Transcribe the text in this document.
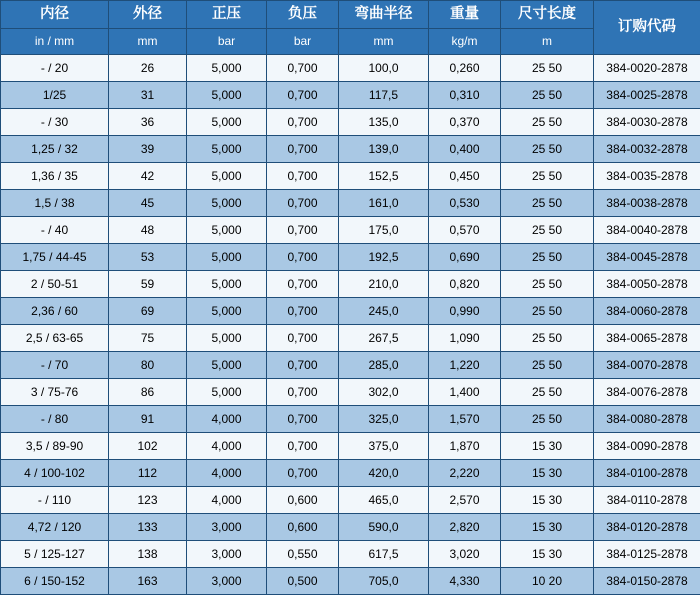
内径	外径	正压	负压	弯曲半径	重量	尺寸长度	订购代码
in / mm	mm	bar	bar	mm	kg/m	m	
- / 20	26	5,000	0,700	100,0	0,260	25 50	384-0020-2878
1/25	31	5,000	0,700	117,5	0,310	25 50	384-0025-2878
- / 30	36	5,000	0,700	135,0	0,370	25 50	384-0030-2878
1,25 / 32	39	5,000	0,700	139,0	0,400	25 50	384-0032-2878
1,36 / 35	42	5,000	0,700	152,5	0,450	25 50	384-0035-2878
1,5 / 38	45	5,000	0,700	161,0	0,530	25 50	384-0038-2878
- / 40	48	5,000	0,700	175,0	0,570	25 50	384-0040-2878
1,75 / 44-45	53	5,000	0,700	192,5	0,690	25 50	384-0045-2878
2 / 50-51	59	5,000	0,700	210,0	0,820	25 50	384-0050-2878
2,36 / 60	69	5,000	0,700	245,0	0,990	25 50	384-0060-2878
2,5 / 63-65	75	5,000	0,700	267,5	1,090	25 50	384-0065-2878
- / 70	80	5,000	0,700	285,0	1,220	25 50	384-0070-2878
3 / 75-76	86	5,000	0,700	302,0	1,400	25 50	384-0076-2878
- / 80	91	4,000	0,700	325,0	1,570	25 50	384-0080-2878
3,5 / 89-90	102	4,000	0,700	375,0	1,870	15 30	384-0090-2878
4 / 100-102	112	4,000	0,700	420,0	2,220	15 30	384-0100-2878
- / 110	123	4,000	0,600	465,0	2,570	15 30	384-0110-2878
4,72 / 120	133	3,000	0,600	590,0	2,820	15 30	384-0120-2878
5 / 125-127	138	3,000	0,550	617,5	3,020	15 30	384-0125-2878
6 / 150-152	163	3,000	0,500	705,0	4,330	10 20	384-0150-2878
